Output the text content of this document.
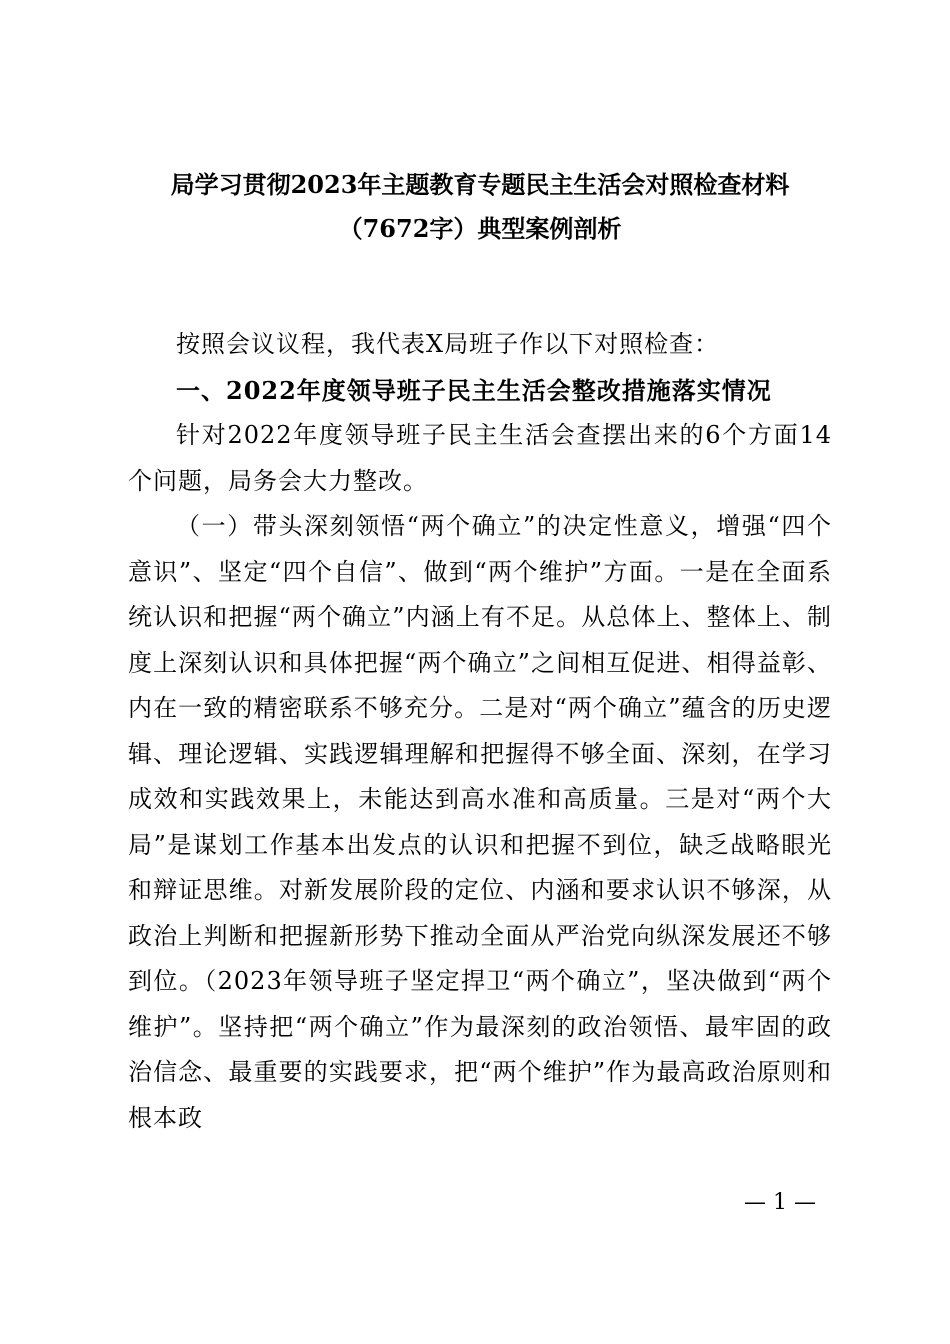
局学习贯彻2023年主题教育专题民主生活会对照检查材料（7672字）典型案例剖析

按照会议议程，我代表X局班子作以下对照检查：

一、2022年度领导班子民主生活会整改措施落实情况

针对2022年度领导班子民主生活会查摆出来的6个方面14个问题，局务会大力整改。

（一）带头深刻领悟“两个确立”的决定性意义，增强“四个意识”、坚定“四个自信”、做到“两个维护”方面。一是在全面系统认识和把握“两个确立”内涵上有不足。从总体上、整体上、制度上深刻认识和具体把握“两个确立”之间相互促进、相得益彰、内在一致的精密联系不够充分。二是对“两个确立”蕴含的历史逻辑、理论逻辑、实践逻辑理解和把握得不够全面、深刻，在学习成效和实践效果上，未能达到高水准和高质量。三是对“两个大局”是谋划工作基本出发点的认识和把握不到位，缺乏战略眼光和辩证思维。对新发展阶段的定位、内涵和要求认识不够深，从政治上判断和把握新形势下推动全面从严治党向纵深发展还不够到位。（2023年领导班子坚定捍卫“两个确立”，坚决做到“两个维护”。坚持把“两个确立”作为最深刻的政治领悟、最牢固的政治信念、最重要的实践要求，把“两个维护”作为最高政治原则和根本政

— 1 —
